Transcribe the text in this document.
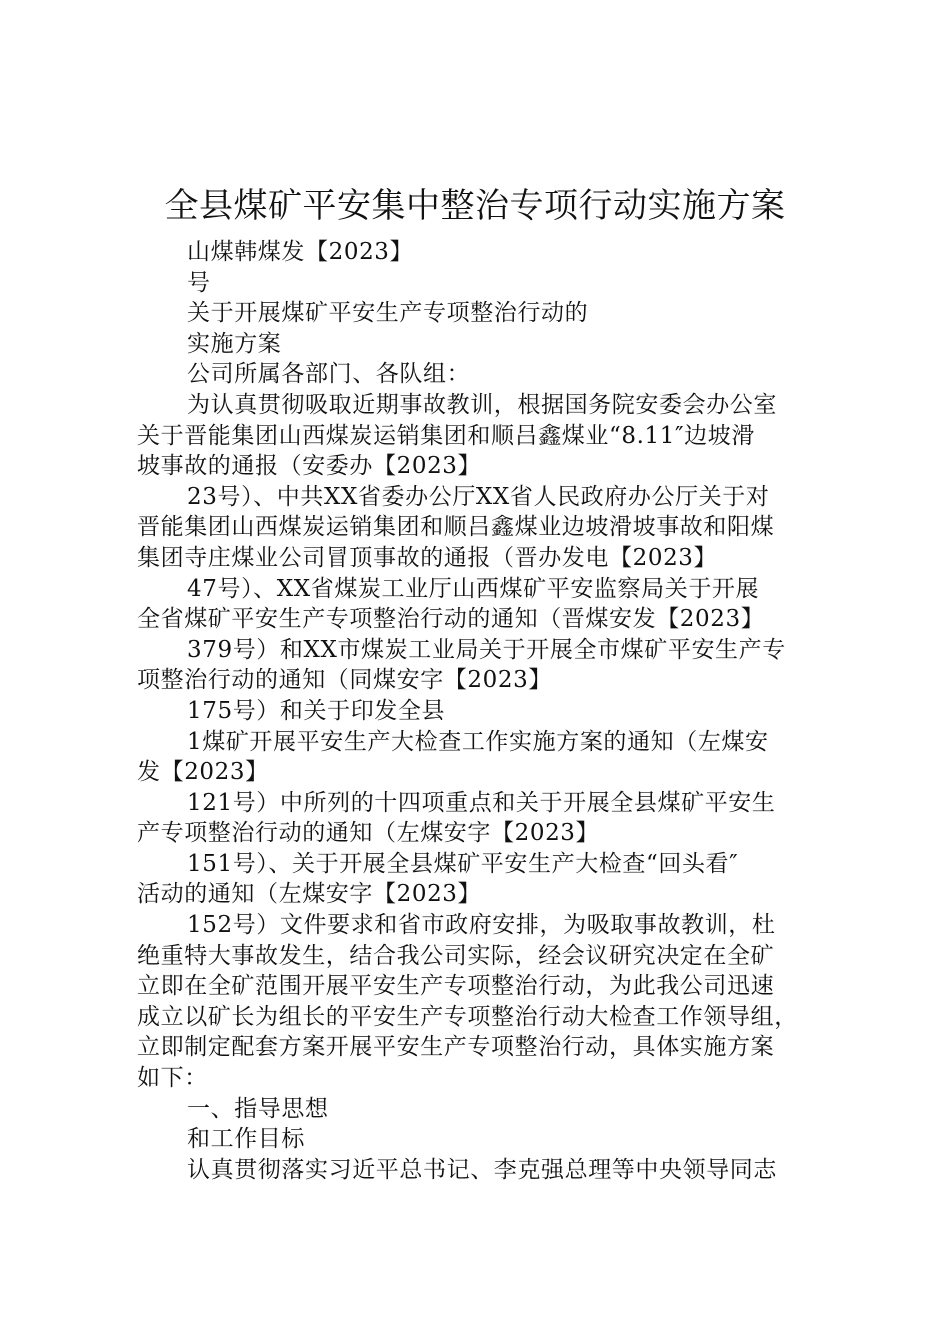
全县煤矿平安集中整治专项行动实施方案
山煤韩煤发【2023】
号
关于开展煤矿平安生产专项整治行动的
实施方案
公司所属各部门、各队组：
为认真贯彻吸取近期事故教训，根据国务院安委会办公室
关于晋能集团山西煤炭运销集团和顺吕鑫煤业“8.11″边坡滑
坡事故的通报（安委办【2023】
23号）、中共XX省委办公厅XX省人民政府办公厅关于对
晋能集团山西煤炭运销集团和顺吕鑫煤业边坡滑坡事故和阳煤
集团寺庄煤业公司冒顶事故的通报（晋办发电【2023】
47号）、XX省煤炭工业厅山西煤矿平安监察局关于开展
全省煤矿平安生产专项整治行动的通知（晋煤安发【2023】
379号）和XX市煤炭工业局关于开展全市煤矿平安生产专
项整治行动的通知（同煤安字【2023】
175号）和关于印发全县
1煤矿开展平安生产大检查工作实施方案的通知（左煤安
发【2023】
121号）中所列的十四项重点和关于开展全县煤矿平安生
产专项整治行动的通知（左煤安字【2023】
151号）、关于开展全县煤矿平安生产大检查“回头看″
活动的通知（左煤安字【2023】
152号）文件要求和省市政府安排，为吸取事故教训，杜
绝重特大事故发生，结合我公司实际，经会议研究决定在全矿
立即在全矿范围开展平安生产专项整治行动，为此我公司迅速
成立以矿长为组长的平安生产专项整治行动大检查工作领导组，
立即制定配套方案开展平安生产专项整治行动，具体实施方案
如下：
一、指导思想
和工作目标
认真贯彻落实习近平总书记、李克强总理等中央领导同志
